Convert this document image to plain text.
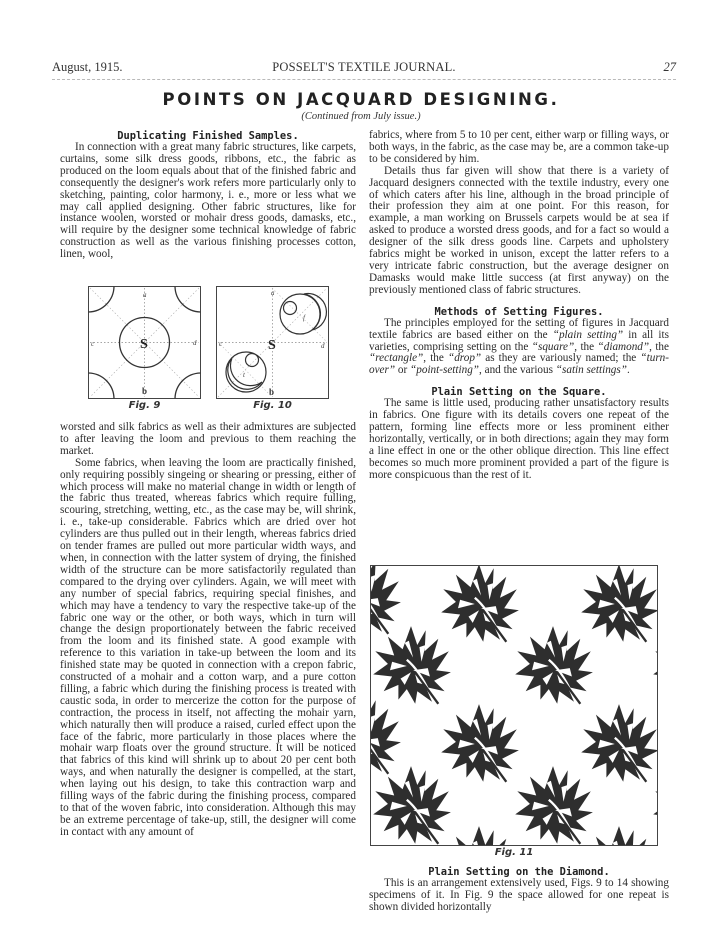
August, 1915.	POSSELT'S TEXTILE JOURNAL.	27
POINTS ON JACQUARD DESIGNING.
(Continued from July issue.)

Duplicating Finished Samples.

In connection with a great many fabric structures, like carpets, curtains, some silk dress goods, ribbons, etc., the fabric as produced on the loom equals about that of the finished fabric and consequently the designer's work refers more particularly only to sketching, painting, color harmony, i. e., more or less what we may call applied designing. Other fabric structures, like for instance woolen, worsted or mohair dress goods, damasks, etc., will require by the designer some technical knowledge of fabric construction as well as the various finishing processes cotton, linen, wool,

a
c	d
b
S
Fig. 9
a
c	d
b
S
f
t
Fig. 10

worsted and silk fabrics as well as their admixtures are subjected to after leaving the loom and previous to them reaching the market.

Some fabrics, when leaving the loom are practically finished, only requiring possibly singeing or shearing or pressing, either of which process will make no material change in width or length of the fabric thus treated, whereas fabrics which require fulling, scouring, stretching, wetting, etc., as the case may be, will shrink, i. e., take-up considerable. Fabrics which are dried over hot cylinders are thus pulled out in their length, whereas fabrics dried on tender frames are pulled out more particular width ways, and when, in connection with the latter system of drying, the finished width of the structure can be more satisfactorily regulated than compared to the drying over cylinders. Again, we will meet with any number of special fabrics, requiring special finishes, and which may have a tendency to vary the respective take-up of the fabric one way or the other, or both ways, which in turn will change the design proportionately between the fabric received from the loom and its finished state. A good example with reference to this variation in take-up between the loom and its finished state may be quoted in connection with a crepon fabric, constructed of a mohair and a cotton warp, and a pure cotton filling, a fabric which during the finishing process is treated with caustic soda, in order to mercerize the cotton for the purpose of contraction, the process in itself, not affecting the mohair yarn, which naturally then will produce a raised, curled effect upon the face of the fabric, more particularly in those places where the mohair warp floats over the ground structure. It will be noticed that fabrics of this kind will shrink up to about 20 per cent both ways, and when naturally the designer is compelled, at the start, when laying out his design, to take this contraction warp and filling ways of the fabric during the finishing process, compared to that of the woven fabric, into consideration. Although this may be an extreme percentage of take-up, still, the designer will come in contact with any amount of

fabrics, where from 5 to 10 per cent, either warp or filling ways, or both ways, in the fabric, as the case may be, are a common take-up to be considered by him.

Details thus far given will show that there is a variety of Jacquard designers connected with the textile industry, every one of which caters after his line, although in the broad principle of their profession they aim at one point. For this reason, for example, a man working on Brussels carpets would be at sea if asked to produce a worsted dress goods, and for a fact so would a designer of the silk dress goods line. Carpets and upholstery fabrics might be worked in unison, except the latter refers to a very intricate fabric construction, but the average designer on Damasks would make little success (at first anyway) on the previously mentioned class of fabric structures.

Methods of Setting Figures.

The principles employed for the setting of figures in Jacquard textile fabrics are based either on the “plain setting” in all its varieties, comprising setting on the “square”, the “diamond”, the “rectangle”, the “drop” as they are variously named; the “turn-over” or “point-setting”, and the various “satin settings”.

Plain Setting on the Square.

The same is little used, producing rather unsatisfactory results in fabrics. One figure with its details covers one repeat of the pattern, forming line effects more or less prominent either horizontally, vertically, or in both directions; again they may form a line effect in one or the other oblique direction. This line effect becomes so much more prominent provided a part of the figure is more conspicuous than the rest of it.

Fig. 11

Plain Setting on the Diamond.

This is an arrangement extensively used, Figs. 9 to 14 showing specimens of it. In Fig. 9 the space allowed for one repeat is shown divided horizontally
